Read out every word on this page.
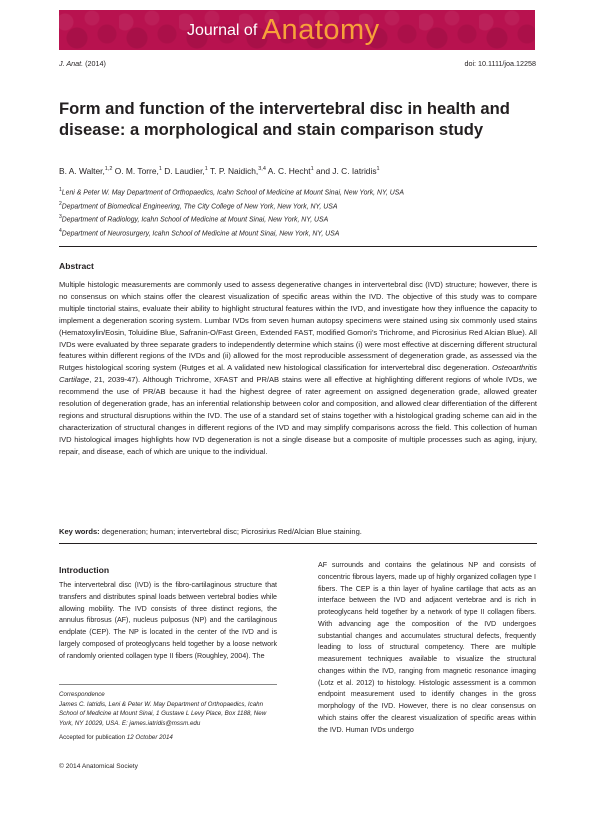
Journal of Anatomy
J. Anat. (2014)	doi: 10.1111/joa.12258
Form and function of the intervertebral disc in health and disease: a morphological and stain comparison study
B. A. Walter,$^{1,2}$ O. M. Torre,$^1$ D. Laudier,$^1$ T. P. Naidich,$^{3,4}$ A. C. Hecht$^1$ and J. C. Iatridis$^1$
$^1$Leni & Peter W. May Department of Orthopaedics, Icahn School of Medicine at Mount Sinai, New York, NY, USA
$^2$Department of Biomedical Engineering, The City College of New York, New York, NY, USA
$^3$Department of Radiology, Icahn School of Medicine at Mount Sinai, New York, NY, USA
$^4$Department of Neurosurgery, Icahn School of Medicine at Mount Sinai, New York, NY, USA
Abstract

Multiple histologic measurements are commonly used to assess degenerative changes in intervertebral disc (IVD) structure; however, there is no consensus on which stains offer the clearest visualization of specific areas within the IVD. The objective of this study was to compare multiple tinctorial stains, evaluate their ability to highlight structural features within the IVD, and investigate how they influence the capacity to implement a degeneration scoring system. Lumbar IVDs from seven human autopsy specimens were stained using six commonly used stains (Hematoxylin/Eosin, Toluidine Blue, Safranin-O/Fast Green, Extended FAST, modified Gomori’s Trichrome, and Picrosirius Red Alcian Blue). All IVDs were evaluated by three separate graders to independently determine which stains (i) were most effective at discerning different structural features within different regions of the IVDs and (ii) allowed for the most reproducible assessment of degeneration grade, as assessed via the Rutges histological scoring system (Rutges et al. A validated new histological classification for intervertebral disc degeneration. Osteoarthritis Cartilage, 21, 2039-47). Although Trichrome, XFAST and PR/AB stains were all effective at highlighting different regions of whole IVDs, we recommend the use of PR/AB because it had the highest degree of rater agreement on assigned degeneration grade, allowed greater resolution of degeneration grade, has an inferential relationship between color and composition, and allowed clear differentiation of the different regions and structural disruptions within the IVD. The use of a standard set of stains together with a histological grading scheme can aid in the characterization of structural changes in different regions of the IVD and may simplify comparisons across the field. This collection of human IVD histological images highlights how IVD degeneration is not a single disease but a composite of multiple processes such as aging, injury, repair, and disease, each of which are unique to the individual.

Key words: degeneration; human; intervertebral disc; Picrosirius Red/Alcian Blue staining.
Introduction

The intervertebral disc (IVD) is the fibro-cartilaginous structure that transfers and distributes spinal loads between vertebral bodies while allowing mobility. The IVD consists of three distinct regions, the annulus fibrosus (AF), nucleus pulposus (NP) and the cartilaginous endplate (CEP). The NP is located in the center of the IVD and is largely composed of proteoglycans held together by a loose network of randomly oriented collagen type II fibers (Roughley, 2004). The

AF surrounds and contains the gelatinous NP and consists of concentric fibrous layers, made up of highly organized collagen type I fibers. The CEP is a thin layer of hyaline cartilage that acts as an interface between the IVD and adjacent vertebrae and is rich in proteoglycans held together by a network of type II collagen fibers. With advancing age the composition of the IVD undergoes substantial changes and accumulates structural defects, frequently leading to loss of structural competency. There are multiple measurement techniques available to visualize the structural changes within the IVD, ranging from magnetic resonance imaging (Lotz et al. 2012) to histology. Histologic assessment is a common endpoint measurement used to identify changes in the gross morphology of the IVD. However, there is no clear consensus on which stains offer the clearest visualization of specific areas within the IVD. Human IVDs undergo

Correspondence
James C. Iatridis, Leni & Peter W. May Department of Orthopaedics, Icahn School of Medicine at Mount Sinai, 1 Gustave L Levy Place, Box 1188, New York, NY 10029, USA. E: james.iatridis@mssm.edu
Accepted for publication 12 October 2014
© 2014 Anatomical Society
